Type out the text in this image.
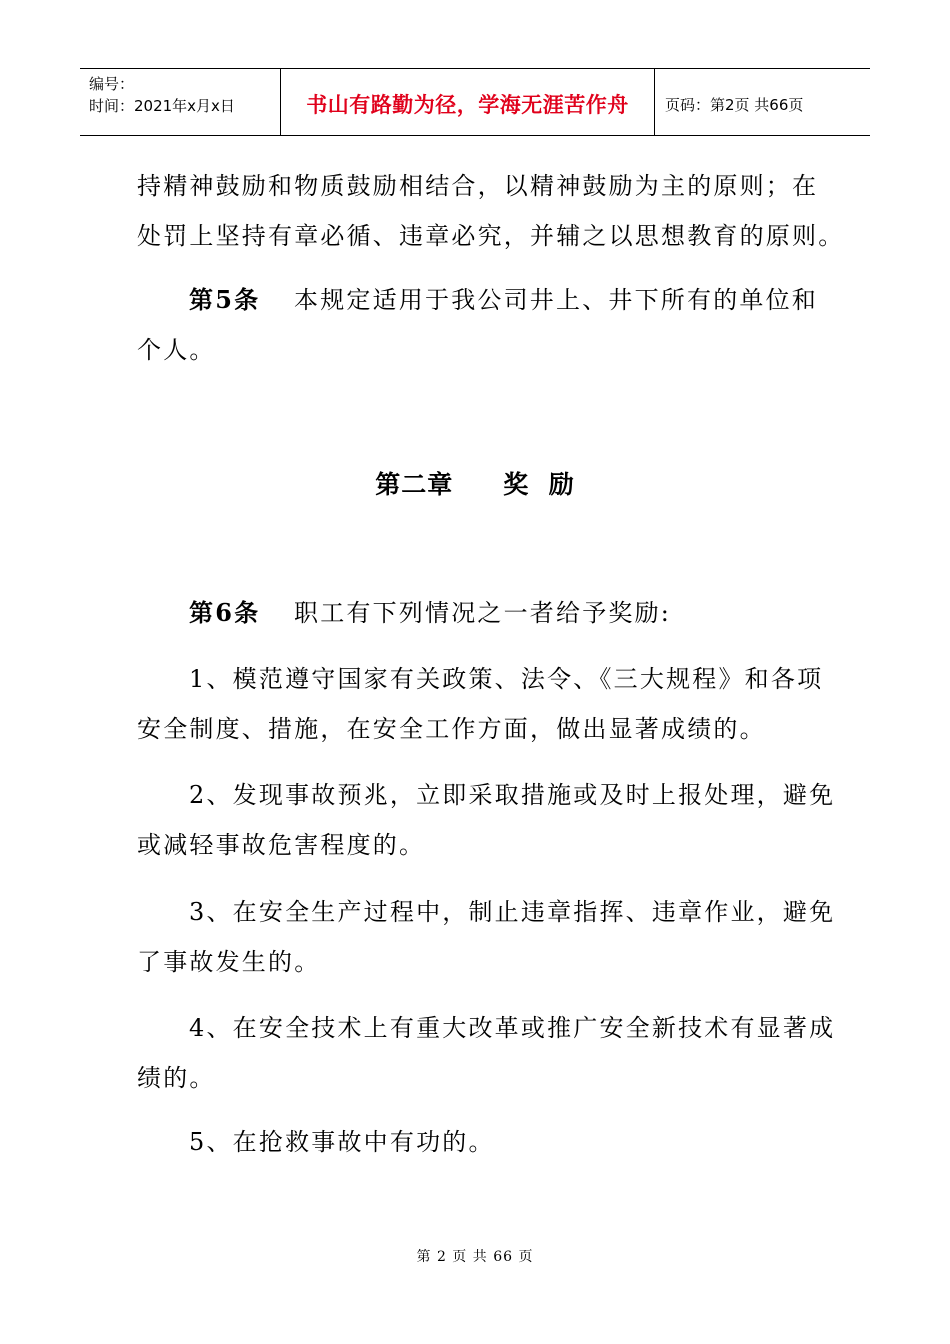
编号：
时间：2021年x月x日	书山有路勤为径，学海无涯苦作舟 页码：第2页 共66页
持精神鼓励和物质鼓励相结合，以精神鼓励为主的原则；在
处罚上坚持有章必循、违章必究，并辅之以思想教育的原则。
第5条 本规定适用于我公司井上、井下所有的单位和
个人。
第二章 奖  励
第6条 职工有下列情况之一者给予奖励:
1、模范遵守国家有关政策、法令、《三大规程》和各项
安全制度、措施，在安全工作方面，做出显著成绩的。
2、发现事故预兆，立即采取措施或及时上报处理，避免
或减轻事故危害程度的。
3、在安全生产过程中，制止违章指挥、违章作业，避免
了事故发生的。
4、在安全技术上有重大改革或推广安全新技术有显著成
绩的。
5、在抢救事故中有功的。
第 2 页 共 66 页
